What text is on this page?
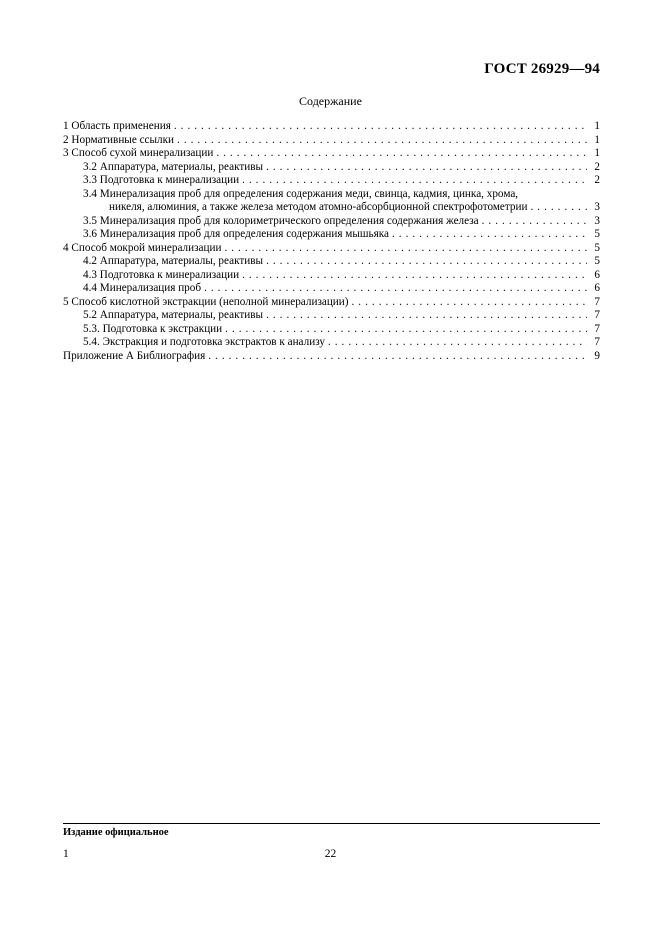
ГОСТ 26929—94
Содержание
1 Область применения . . .	1
2 Нормативные ссылки . . .	1
3 Способ сухой минерализации . . .	1
3.2 Аппаратура, материалы, реактивы . . .	2
3.3 Подготовка к минерализации . . .	2
3.4 Минерализация проб для определения содержания меди, свинца, кадмия, цинка, хрома,
никеля, алюминия, а также железа методом атомно-абсорбционной спектрофотометрии . . .	3
3.5 Минерализация проб для колориметрического определения содержания железа . . .	3
3.6 Минерализация проб для определения содержания мышьяка . . .	5
4 Способ мокрой минерализации . . .	5
4.2 Аппаратура, материалы, реактивы . . .	5
4.3 Подготовка к минерализации . . .	6
4.4 Минерализация проб . . .	6
5 Способ кислотной экстракции (неполной минерализации) . . .	7
5.2 Аппаратура, материалы, реактивы . . .	7
5.3. Подготовка к экстракции . . .	7
5.4. Экстракция и подготовка экстрактов к анализу . . .	7
Приложение А Библиография . . .	9
Издание официальное
1	22
